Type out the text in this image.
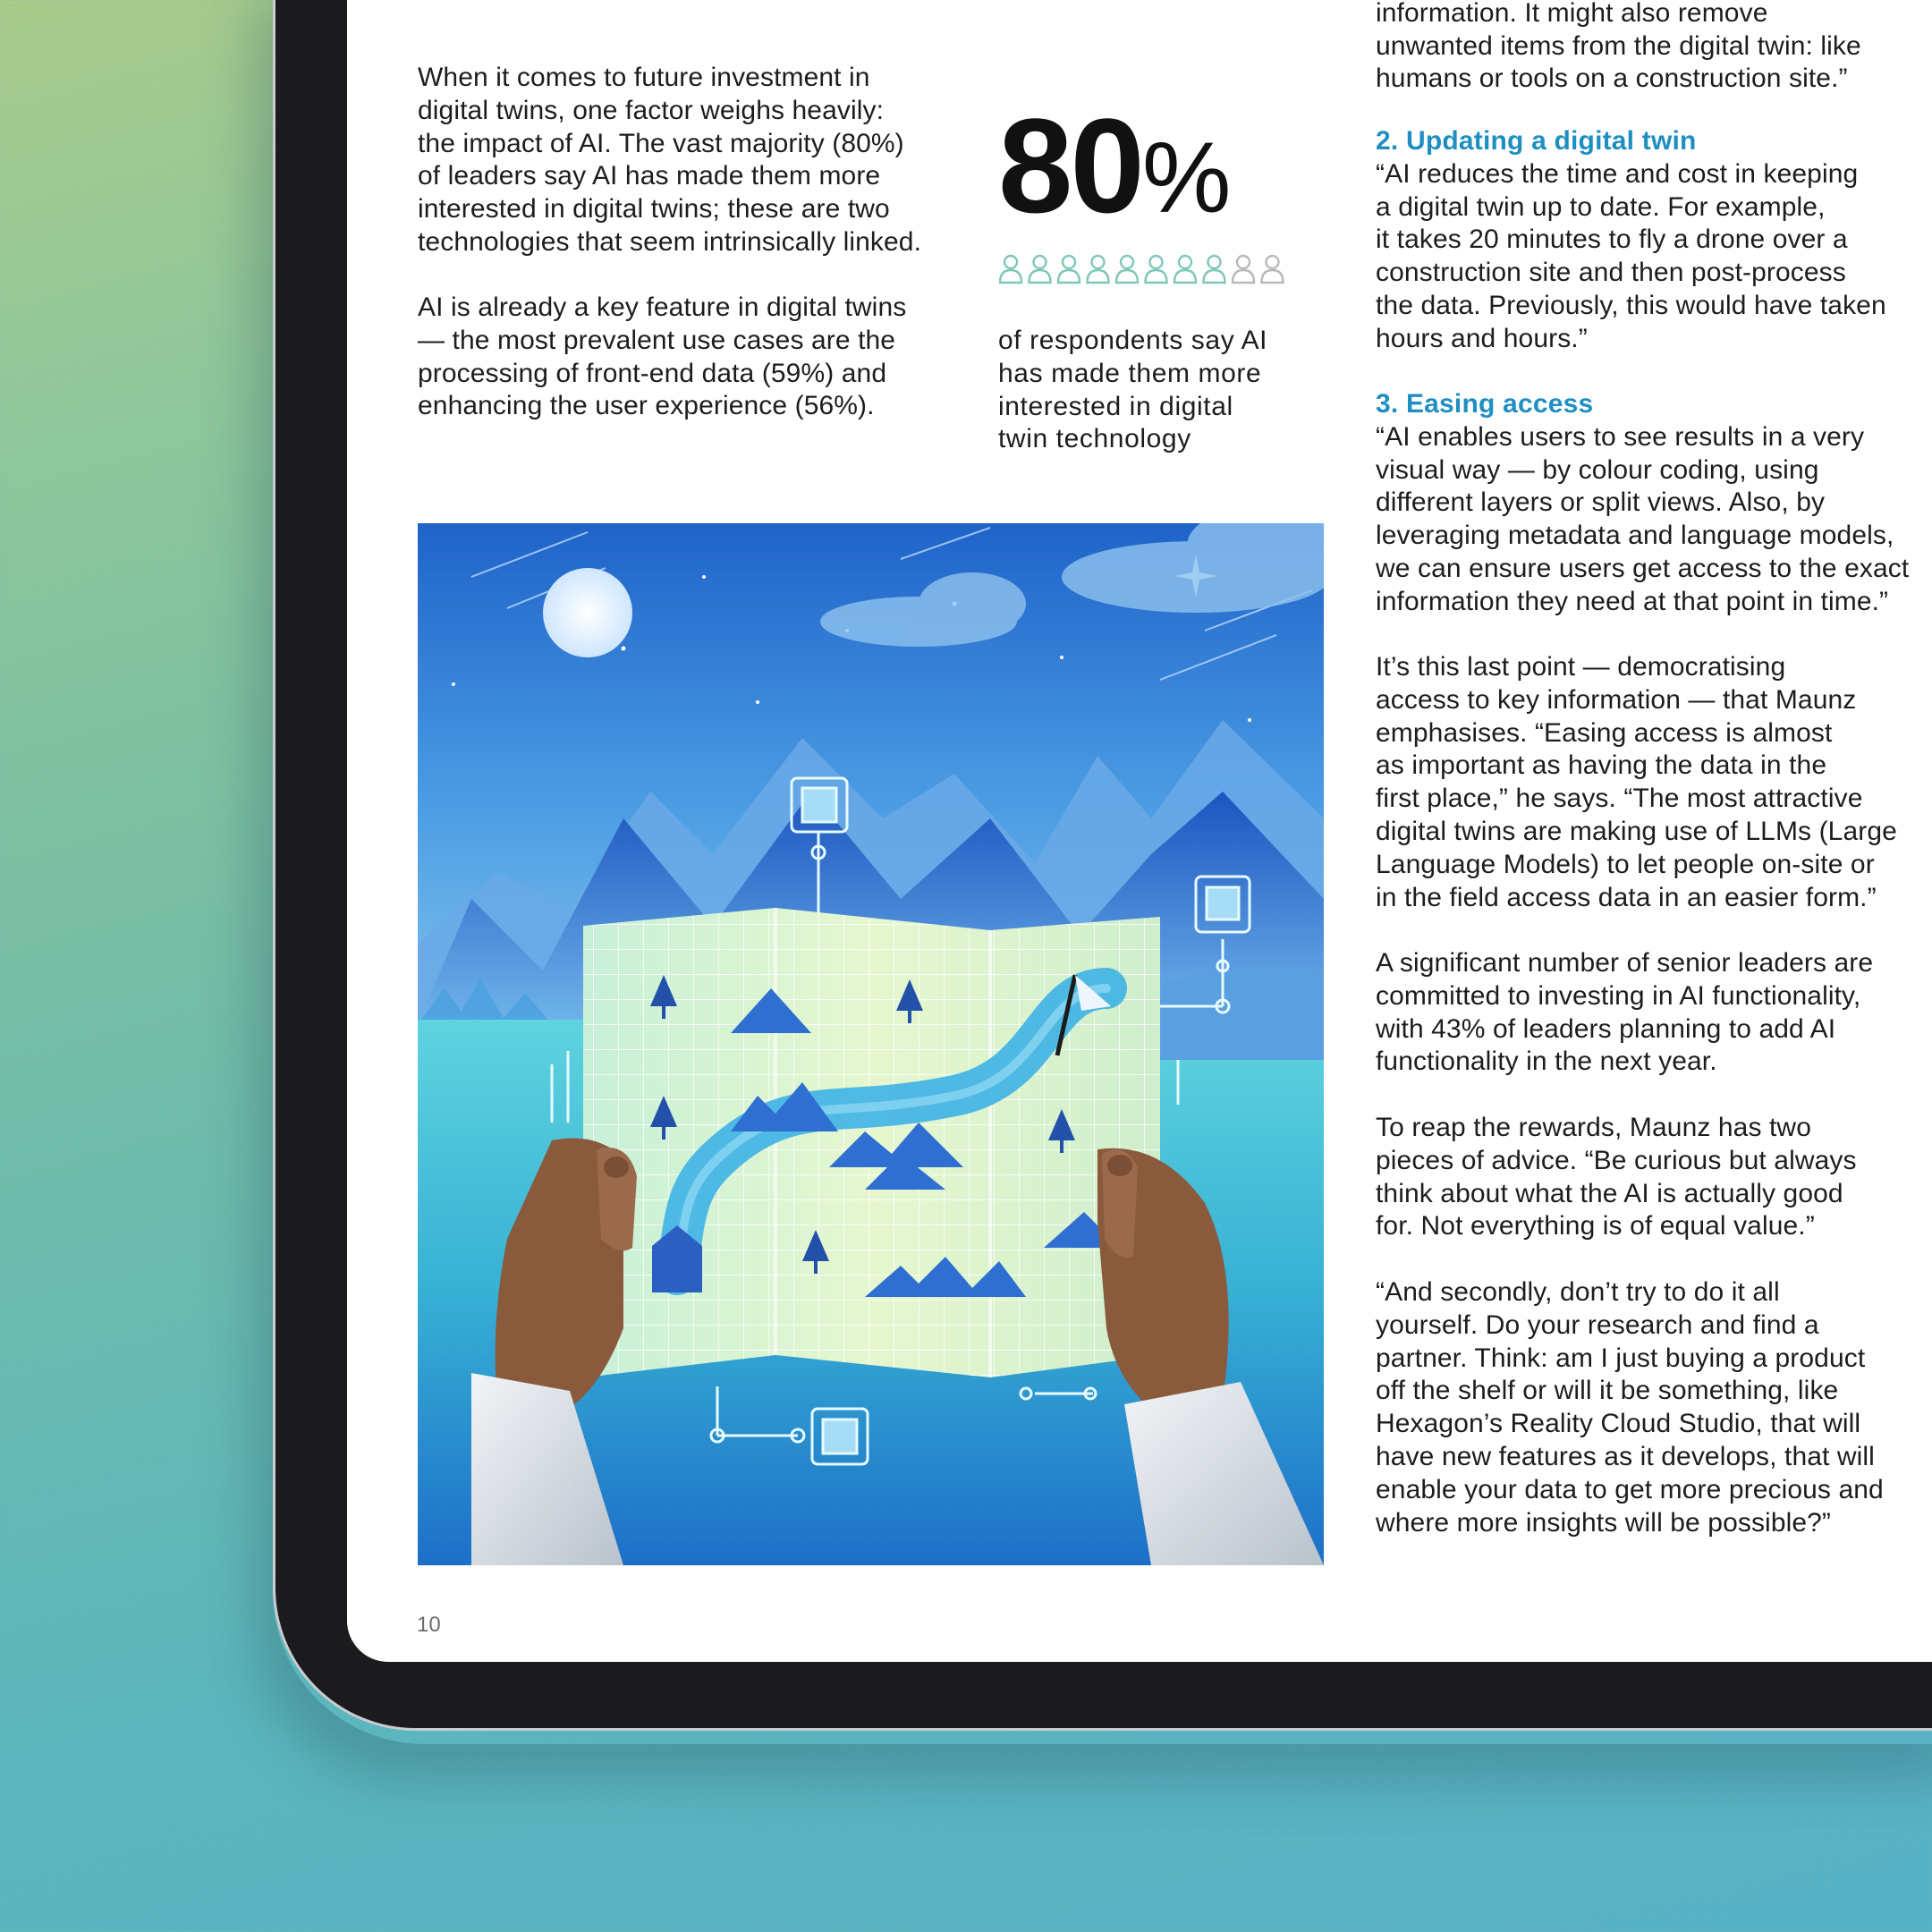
When it comes to future investment in
digital twins, one factor weighs heavily:
the impact of AI. The vast majority (80%)
of leaders say AI has made them more
interested in digital twins; these are two
technologies that seem intrinsically linked.
AI is already a key feature in digital twins
— the most prevalent use cases are the
processing of front-end data (59%) and
enhancing the user experience (56%).
80%
of respondents say AI
has made them more
interested in digital
twin technology
information. It might also remove
unwanted items from the digital twin: like
humans or tools on a construction site.”
2. Updating a digital twin
“AI reduces the time and cost in keeping
a digital twin up to date. For example,
it takes 20 minutes to fly a drone over a
construction site and then post-process
the data. Previously, this would have taken
hours and hours.”
3. Easing access
“AI enables users to see results in a very
visual way — by colour coding, using
different layers or split views. Also, by
leveraging metadata and language models,
we can ensure users get access to the exact
information they need at that point in time.”
It’s this last point — democratising
access to key information — that Maunz
emphasises. “Easing access is almost
as important as having the data in the
first place,” he says. “The most attractive
digital twins are making use of LLMs (Large
Language Models) to let people on-site or
in the field access data in an easier form.”
A significant number of senior leaders are
committed to investing in AI functionality,
with 43% of leaders planning to add AI
functionality in the next year.
To reap the rewards, Maunz has two
pieces of advice. “Be curious but always
think about what the AI is actually good
for. Not everything is of equal value.”
“And secondly, don’t try to do it all
yourself. Do your research and find a
partner. Think: am I just buying a product
off the shelf or will it be something, like
Hexagon’s Reality Cloud Studio, that will
have new features as it develops, that will
enable your data to get more precious and
where more insights will be possible?”
10
